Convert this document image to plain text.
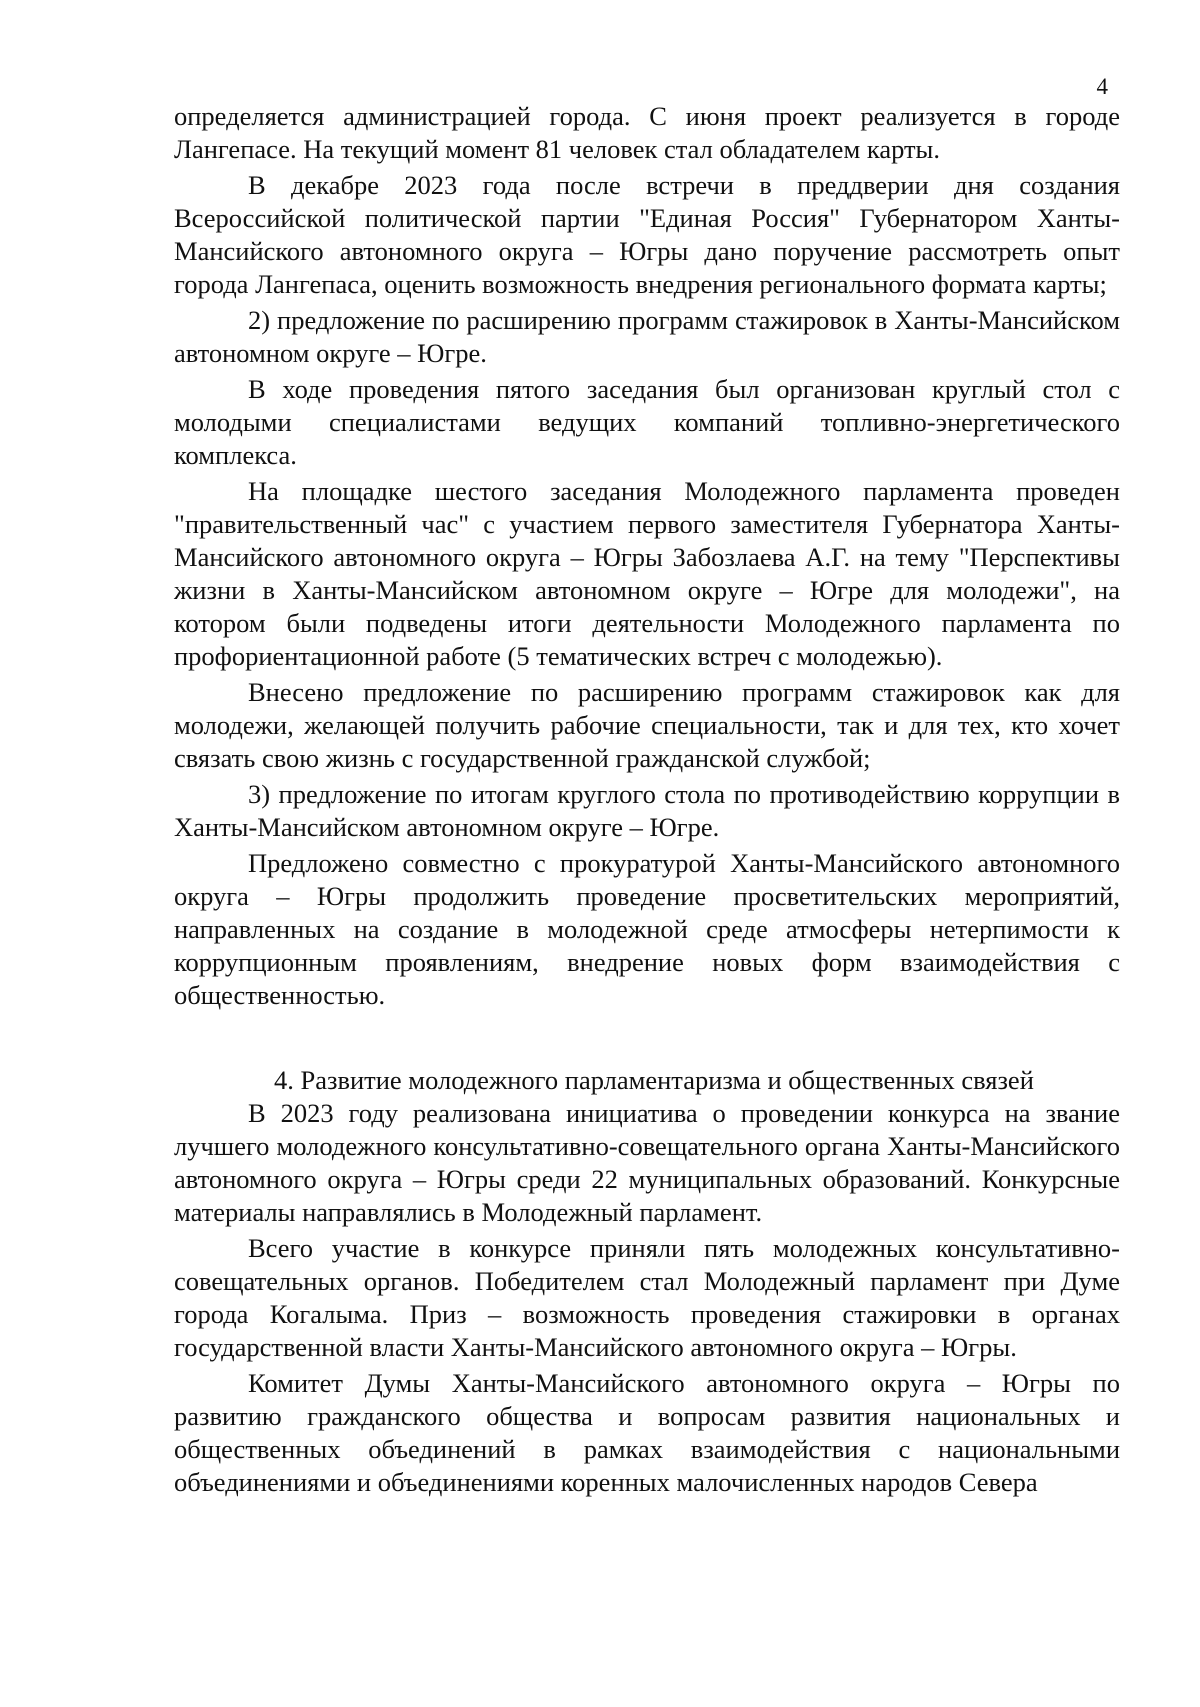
4

определяется администрацией города. С июня проект реализуется в городе Лангепасе. На текущий момент 81 человек стал обладателем карты.

В декабре 2023 года после встречи в преддверии дня создания Всероссийской политической партии "Единая Россия" Губернатором Ханты-Мансийского автономного округа – Югры дано поручение рассмотреть опыт города Лангепаса, оценить возможность внедрения регионального формата карты;

2) предложение по расширению программ стажировок в Ханты-Мансийском автономном округе – Югре.

В ходе проведения пятого заседания был организован круглый стол с молодыми специалистами ведущих компаний топливно-энергетического комплекса.

На площадке шестого заседания Молодежного парламента проведен "правительственный час" с участием первого заместителя Губернатора Ханты-Мансийского автономного округа – Югры Забозлаева А.Г. на тему "Перспективы жизни в Ханты-Мансийском автономном округе – Югре для молодежи", на котором были подведены итоги деятельности Молодежного парламента по профориентационной работе (5 тематических встреч с молодежью).

Внесено предложение по расширению программ стажировок как для молодежи, желающей получить рабочие специальности, так и для тех, кто хочет связать свою жизнь с государственной гражданской службой;

3) предложение по итогам круглого стола по противодействию коррупции в Ханты-Мансийском автономном округе – Югре.

Предложено совместно с прокуратурой Ханты-Мансийского автономного округа – Югры продолжить проведение просветительских мероприятий, направленных на создание в молодежной среде атмосферы нетерпимости к коррупционным проявлениям, внедрение новых форм взаимодействия с общественностью.

4. Развитие молодежного парламентаризма и общественных связей

В 2023 году реализована инициатива о проведении конкурса на звание лучшего молодежного консультативно-совещательного органа Ханты-Мансийского автономного округа – Югры среди 22 муниципальных образований. Конкурсные материалы направлялись в Молодежный парламент.

Всего участие в конкурсе приняли пять молодежных консультативно-совещательных органов. Победителем стал Молодежный парламент при Думе города Когалыма. Приз – возможность проведения стажировки в органах государственной власти Ханты-Мансийского автономного округа – Югры.

Комитет Думы Ханты-Мансийского автономного округа – Югры по развитию гражданского общества и вопросам развития национальных и общественных объединений в рамках взаимодействия с национальными объединениями и объединениями коренных малочисленных народов Севера
